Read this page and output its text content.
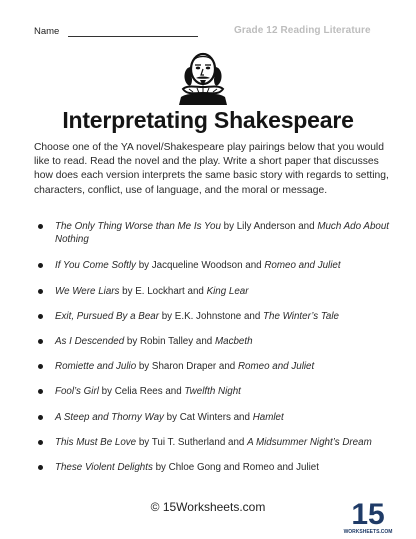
Name	Grade 12 Reading Literature
Interpretating Shakespeare
Choose one of the YA novel/Shakespeare play pairings below that you would like to read. Read the novel and the play. Write a short paper that discusses how does each version interprets the same basic story with regards to setting, characters, conflict, use of language, and the moral or message.
The Only Thing Worse than Me Is You by Lily Anderson and Much Ado About Nothing
If You Come Softly by Jacqueline Woodson and Romeo and Juliet
We Were Liars by E. Lockhart and King Lear
Exit, Pursued By a Bear by E.K. Johnstone and The Winter’s Tale
As I Descended by Robin Talley and Macbeth
Romiette and Julio by Sharon Draper and Romeo and Juliet
Fool’s Girl by Celia Rees and Twelfth Night
A Steep and Thorny Way by Cat Winters and Hamlet
This Must Be Love by Tui T. Sutherland and A Midsummer Night’s Dream
These Violent Delights by Chloe Gong and Romeo and Juliet
© 15Worksheets.com	15
WORKSHEETS.COM
